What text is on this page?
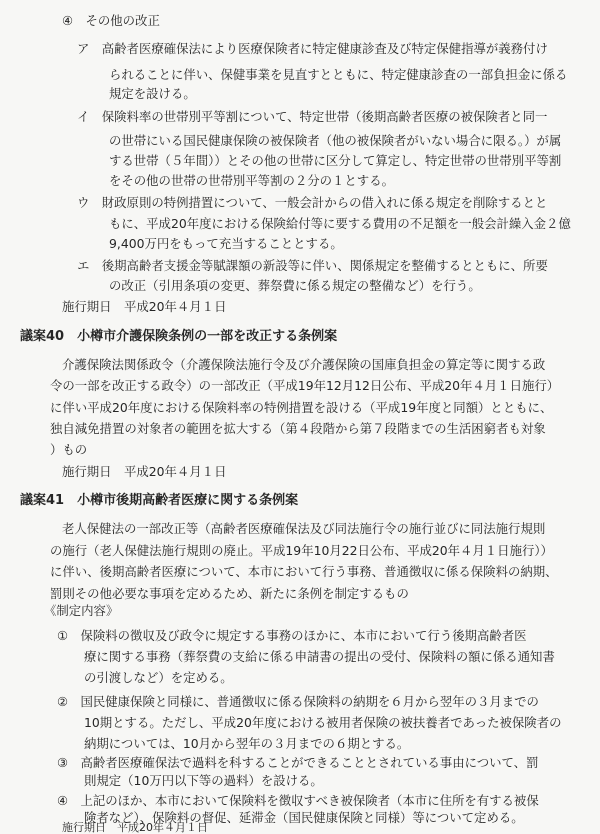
④　その他の改正
ア　高齢者医療確保法により医療保険者に特定健康診査及び特定保健指導が義務付け
られることに伴い、保健事業を見直すとともに、特定健康診査の一部負担金に係る
規定を設ける。
イ　保険料率の世帯別平等割について、特定世帯（後期高齢者医療の被保険者と同一
の世帯にいる国民健康保険の被保険者（他の被保険者がいない場合に限る。）が属
する世帯（５年間））とその他の世帯に区分して算定し、特定世帯の世帯別平等割
をその他の世帯の世帯別平等割の２分の１とする。
ウ　財政原則の特例措置について、一般会計からの借入れに係る規定を削除するとと
もに、平成20年度における保険給付等に要する費用の不足額を一般会計繰入金２億
9,400万円をもって充当することとする。
エ　後期高齢者支援金等賦課額の新設等に伴い、関係規定を整備するとともに、所要
の改正（引用条項の変更、葬祭費に係る規定の整備など）を行う。
施行期日　平成20年４月１日
議案40　小樽市介護保険条例の一部を改正する条例案
介護保険法関係政令（介護保険法施行令及び介護保険の国庫負担金の算定等に関する政
令の一部を改正する政令）の一部改正（平成19年12月12日公布、平成20年４月１日施行）
に伴い平成20年度における保険料率の特例措置を設ける（平成19年度と同額）とともに、
独自減免措置の対象者の範囲を拡大する（第４段階から第７段階までの生活困窮者も対象
）もの
施行期日　平成20年４月１日
議案41　小樽市後期高齢者医療に関する条例案
老人保健法の一部改正等（高齢者医療確保法及び同法施行令の施行並びに同法施行規則
の施行（老人保健法施行規則の廃止。平成19年10月22日公布、平成20年４月１日施行））
に伴い、後期高齢者医療について、本市において行う事務、普通徴収に係る保険料の納期、
罰則その他必要な事項を定めるため、新たに条例を制定するもの
《制定内容》
①　保険料の徴収及び政令に規定する事務のほかに、本市において行う後期高齢者医
療に関する事務（葬祭費の支給に係る申請書の提出の受付、保険料の額に係る通知書
の引渡しなど）を定める。
②　国民健康保険と同様に、普通徴収に係る保険料の納期を６月から翌年の３月までの
10期とする。ただし、平成20年度における被用者保険の被扶養者であった被保険者の
納期については、10月から翌年の３月までの６期とする。
③　高齢者医療確保法で過料を科することができることとされている事由について、罰
則規定（10万円以下等の過料）を設ける。
④　上記のほか、本市において保険料を徴収すべき被保険者（本市に住所を有する被保
険者など）、保険料の督促、延滞金（国民健康保険と同様）等について定める。
施行期日　平成20年４月１日
